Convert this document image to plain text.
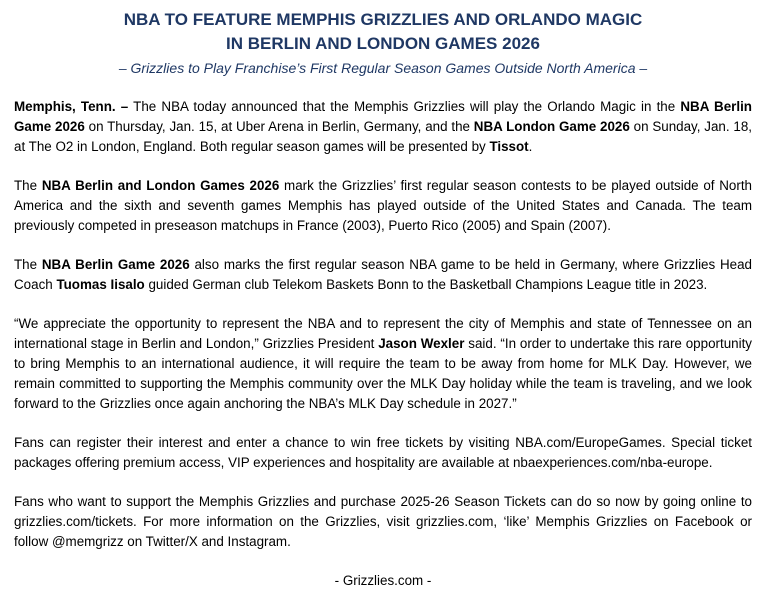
NBA TO FEATURE MEMPHIS GRIZZLIES AND ORLANDO MAGIC
IN BERLIN AND LONDON GAMES 2026

– Grizzlies to Play Franchise’s First Regular Season Games Outside North America –

Memphis, Tenn. – The NBA today announced that the Memphis Grizzlies will play the Orlando Magic in the NBA Berlin Game 2026 on Thursday, Jan. 15, at Uber Arena in Berlin, Germany, and the NBA London Game 2026 on Sunday, Jan. 18, at The O2 in London, England. Both regular season games will be presented by Tissot.

The NBA Berlin and London Games 2026 mark the Grizzlies’ first regular season contests to be played outside of North America and the sixth and seventh games Memphis has played outside of the United States and Canada. The team previously competed in preseason matchups in France (2003), Puerto Rico (2005) and Spain (2007).

The NBA Berlin Game 2026 also marks the first regular season NBA game to be held in Germany, where Grizzlies Head Coach Tuomas Iisalo guided German club Telekom Baskets Bonn to the Basketball Champions League title in 2023.

“We appreciate the opportunity to represent the NBA and to represent the city of Memphis and state of Tennessee on an international stage in Berlin and London,” Grizzlies President Jason Wexler said. “In order to undertake this rare opportunity to bring Memphis to an international audience, it will require the team to be away from home for MLK Day. However, we remain committed to supporting the Memphis community over the MLK Day holiday while the team is traveling, and we look forward to the Grizzlies once again anchoring the NBA’s MLK Day schedule in 2027.”

Fans can register their interest and enter a chance to win free tickets by visiting NBA.com/EuropeGames. Special ticket packages offering premium access, VIP experiences and hospitality are available at nbaexperiences.com/nba-europe.

Fans who want to support the Memphis Grizzlies and purchase 2025-26 Season Tickets can do so now by going online to grizzlies.com/tickets. For more information on the Grizzlies, visit grizzlies.com, ‘like’ Memphis Grizzlies on Facebook or follow @memgrizz on Twitter/X and Instagram.

- Grizzlies.com -
